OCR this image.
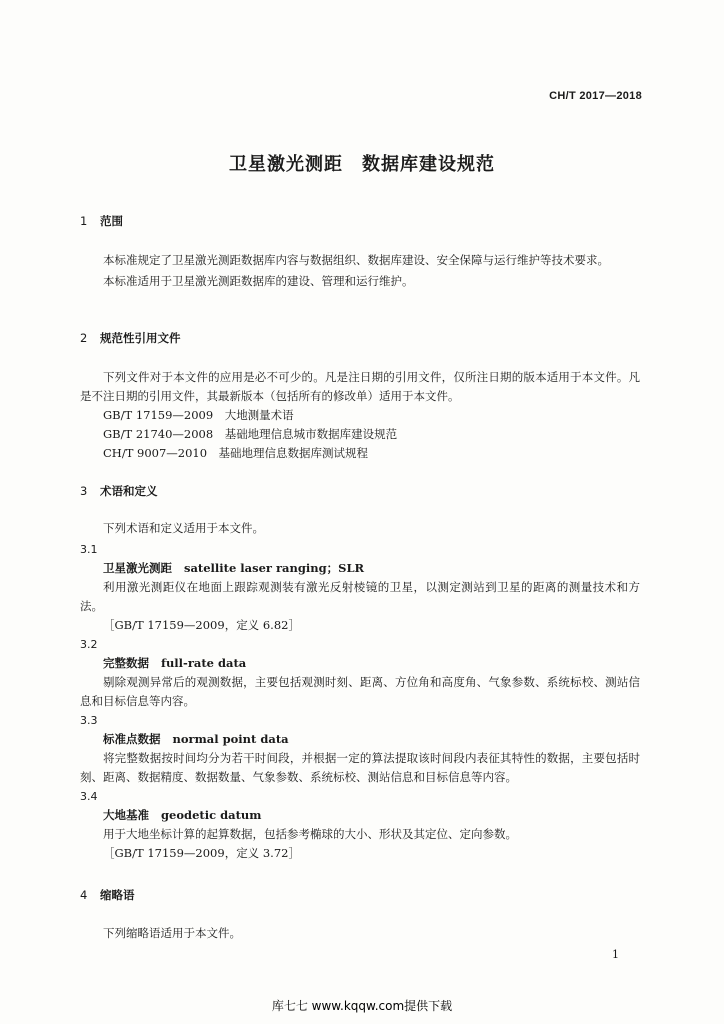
CH/T 2017—2018
卫星激光测距　数据库建设规范
1 范围

本标准规定了卫星激光测距数据库内容与数据组织、数据库建设、安全保障与运行维护等技术要求。

本标准适用于卫星激光测距数据库的建设、管理和运行维护。

2 规范性引用文件

下列文件对于本文件的应用是必不可少的。凡是注日期的引用文件，仅所注日期的版本适用于本文件。凡是不注日期的引用文件，其最新版本（包括所有的修改单）适用于本文件。

GB/T 17159—2009　大地测量术语

GB/T 21740—2008　基础地理信息城市数据库建设规范

CH/T 9007—2010　基础地理信息数据库测试规程

3 术语和定义

下列术语和定义适用于本文件。

3.1

卫星激光测距 satellite laser ranging；SLR

利用激光测距仪在地面上跟踪观测装有激光反射棱镜的卫星，以测定测站到卫星的距离的测量技术和方法。

［GB/T 17159—2009，定义 6.82］

3.2

完整数据 full-rate data

剔除观测异常后的观测数据，主要包括观测时刻、距离、方位角和高度角、气象参数、系统标校、测站信息和目标信息等内容。

3.3

标准点数据 normal point data

将完整数据按时间均分为若干时间段，并根据一定的算法提取该时间段内表征其特性的数据，主要包括时刻、距离、数据精度、数据数量、气象参数、系统标校、测站信息和目标信息等内容。

3.4

大地基准 geodetic datum

用于大地坐标计算的起算数据，包括参考椭球的大小、形状及其定位、定向参数。

［GB/T 17159—2009，定义 3.72］

4 缩略语

下列缩略语适用于本文件。

1
库七七 www.kqqw.com提供下载
